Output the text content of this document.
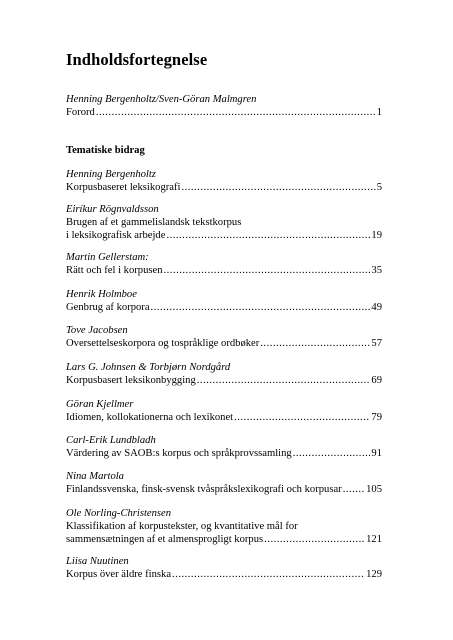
Indholdsfortegnelse
Henning Bergenholtz/Sven-Göran Malmgren
Forord .....	1
Tematiske bidrag
Henning Bergenholtz
Korpusbaseret leksikografi .....	5
Eiríkur Rögnvaldsson
Brugen af et gammelislandsk tekstkorpus
i leksikografisk arbejde .....	19
Martin Gellerstam:
Rätt och fel i korpusen .....	35
Henrik Holmboe
Genbrug af korpora .....	49
Tove Jacobsen
Oversettelseskorpora og tospråklige ordbøker .....	57
Lars G. Johnsen & Torbjørn Nordgård
Korpusbasert leksikonbygging .....	69
Göran Kjellmer
Idiomen, kollokationerna och lexikonet .....	79
Carl-Erik Lundbladh
Värdering av SAOB:s korpus och språkprovssamling .....	91
Nina Martola
Finlandssvenska, finsk-svensk tvåspråkslexikografi och korpusar ..... 105
Ole Norling-Christensen
Klassifikation af korpustekster, og kvantitative mål for
sammensætningen af et almensprogligt korpus .....	121
Liisa Nuutinen
Korpus över äldre finska .....	129
